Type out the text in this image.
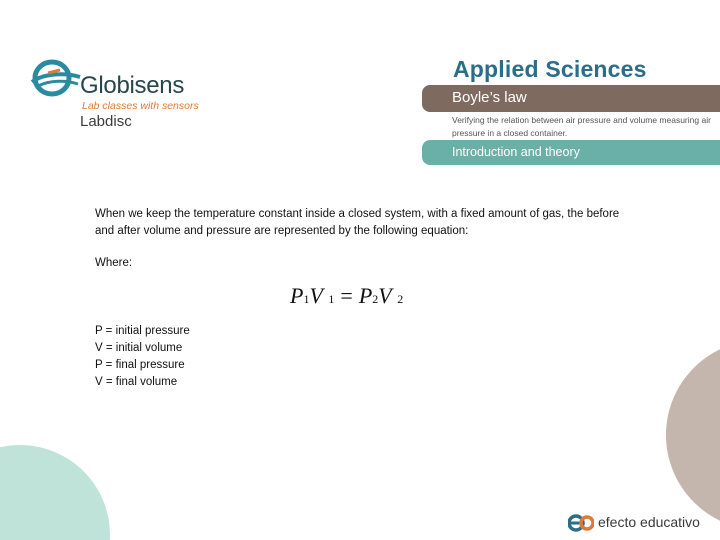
Globisens
Lab classes with sensors
Labdisc
Applied Sciences
Boyle’s law
Verifying the relation between air pressure and volume measuring air pressure in a closed container.
Introduction and theory
When we keep the temperature constant inside a closed system, with a fixed amount of gas, the before and after volume and pressure are represented by the following equation:
Where:
P1V 1 = P2V 2
P = initial pressure
V = initial volume
P = final pressure
V = final volume
efecto educativo
